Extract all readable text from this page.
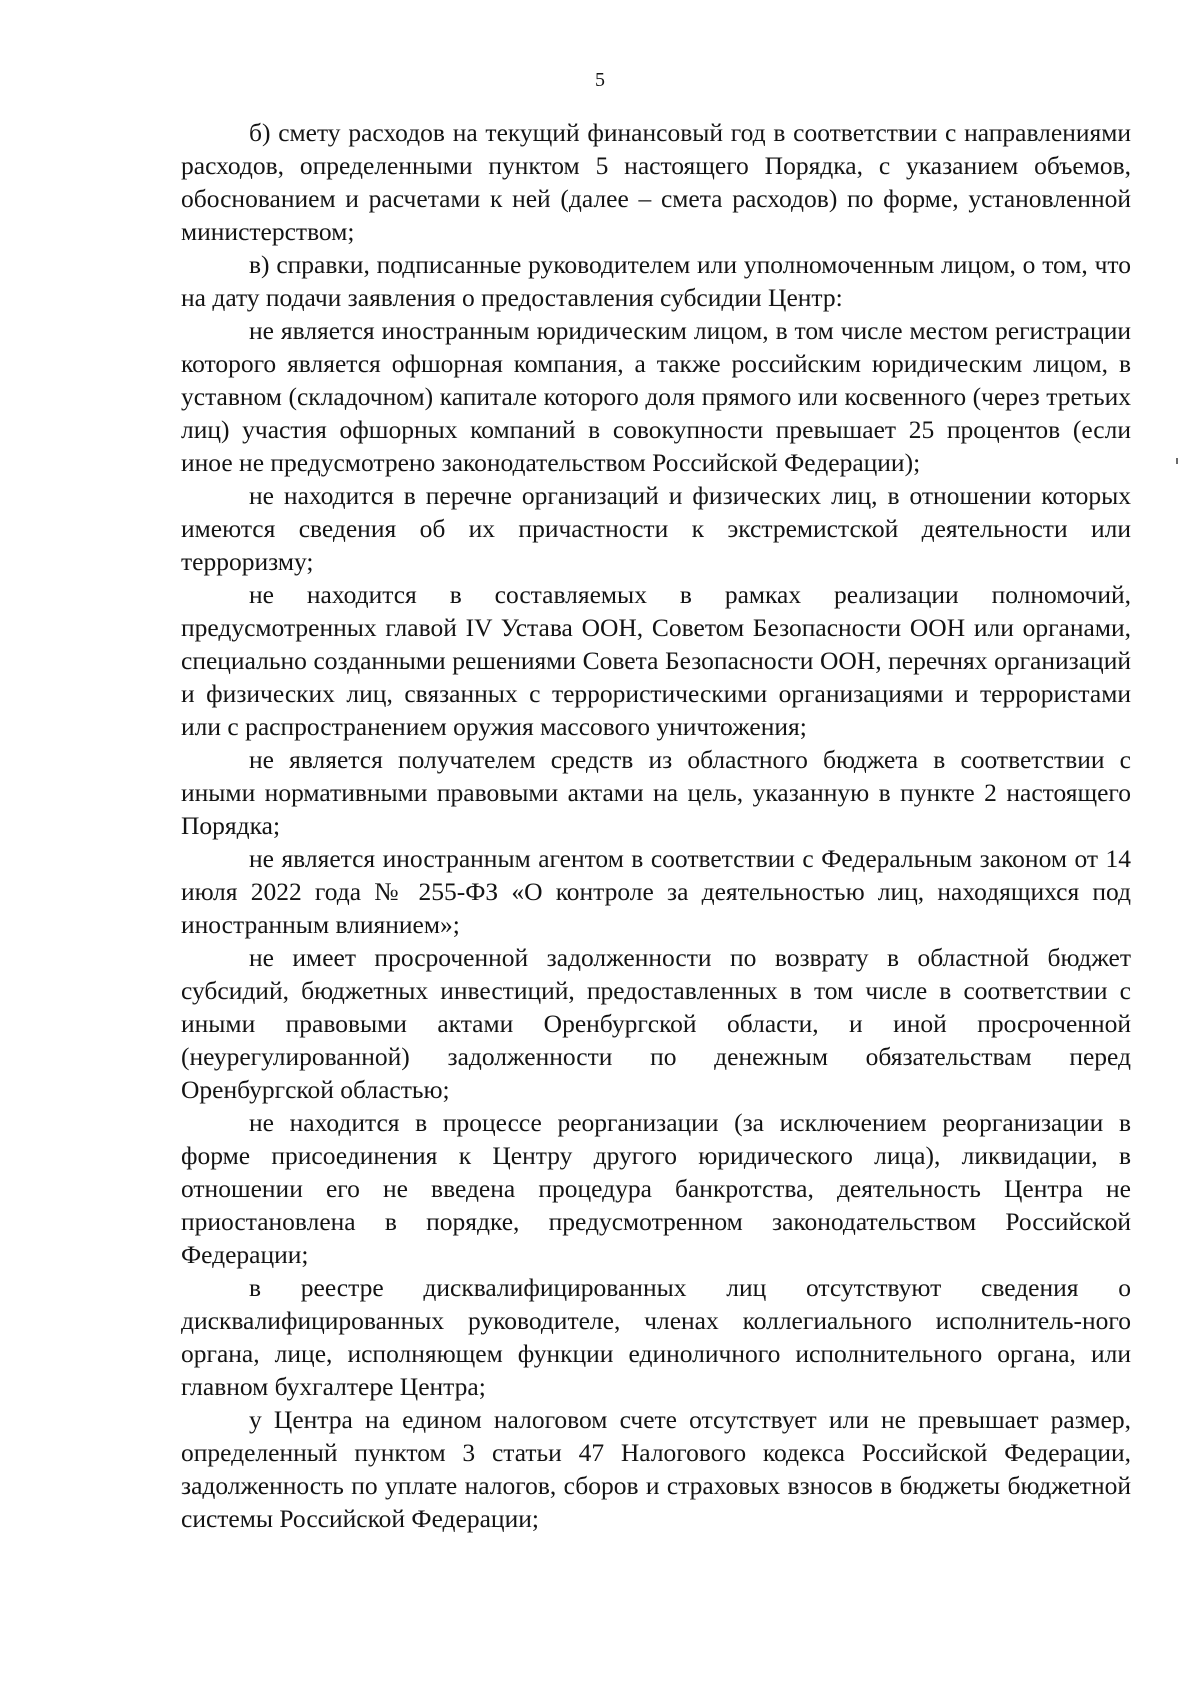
5

б) смету расходов на текущий финансовый год в соответствии с направлениями расходов, определенными пунктом 5 настоящего Порядка, с указанием объемов, обоснованием и расчетами к ней (далее – смета расходов) по форме, установленной министерством;

в) справки, подписанные руководителем или уполномоченным лицом, о том, что на дату подачи заявления о предоставления субсидии Центр:

не является иностранным юридическим лицом, в том числе местом регистрации которого является офшорная компания, а также российским юридическим лицом, в уставном (складочном) капитале которого доля прямого или косвенного (через третьих лиц) участия офшорных компаний в совокупности превышает 25 процентов (если иное не предусмотрено законодательством Российской Федерации);

не находится в перечне организаций и физических лиц, в отношении которых имеются сведения об их причастности к экстремистской деятельности или терроризму;

не находится в составляемых в рамках реализации полномочий, предусмотренных главой IV Устава ООН, Советом Безопасности ООН или органами, специально созданными решениями Совета Безопасности ООН, перечнях организаций и физических лиц, связанных с террористическими организациями и террористами или с распространением оружия массового уничтожения;

не является получателем средств из областного бюджета в соответствии с иными нормативными правовыми актами на цель, указанную в пункте 2 настоящего Порядка;

не является иностранным агентом в соответствии с Федеральным законом от 14 июля 2022 года № 255-ФЗ «О контроле за деятельностью лиц, находящихся под иностранным влиянием»;

не имеет просроченной задолженности по возврату в областной бюджет субсидий, бюджетных инвестиций, предоставленных в том числе в соответствии с иными правовыми актами Оренбургской области, и иной просроченной (неурегулированной) задолженности по денежным обязательствам перед Оренбургской областью;

не находится в процессе реорганизации (за исключением реорганизации в форме присоединения к Центру другого юридического лица), ликвидации, в отношении его не введена процедура банкротства, деятельность Центра не приостановлена в порядке, предусмотренном законодательством Российской Федерации;

в реестре дисквалифицированных лиц отсутствуют сведения о дисквалифицированных руководителе, членах коллегиального исполнитель-ного органа, лице, исполняющем функции единоличного исполнительного органа, или главном бухгалтере Центра;

у Центра на едином налоговом счете отсутствует или не превышает размер, определенный пунктом 3 статьи 47 Налогового кодекса Российской Федерации, задолженность по уплате налогов, сборов и страховых взносов в бюджеты бюджетной системы Российской Федерации;
